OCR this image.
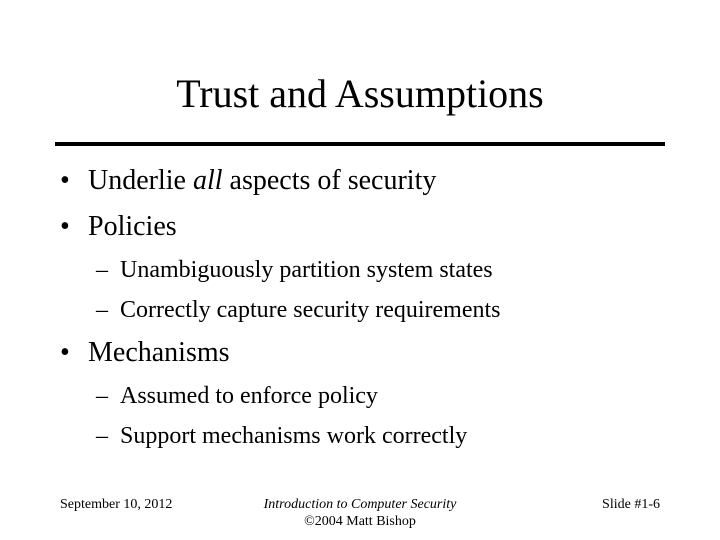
Trust and Assumptions
• Underlie all aspects of security
• Policies
– Unambiguously partition system states
– Correctly capture security requirements
• Mechanisms
– Assumed to enforce policy
– Support mechanisms work correctly
September 10, 2012	Introduction to Computer Security
©2004 Matt Bishop
Slide #1-6
